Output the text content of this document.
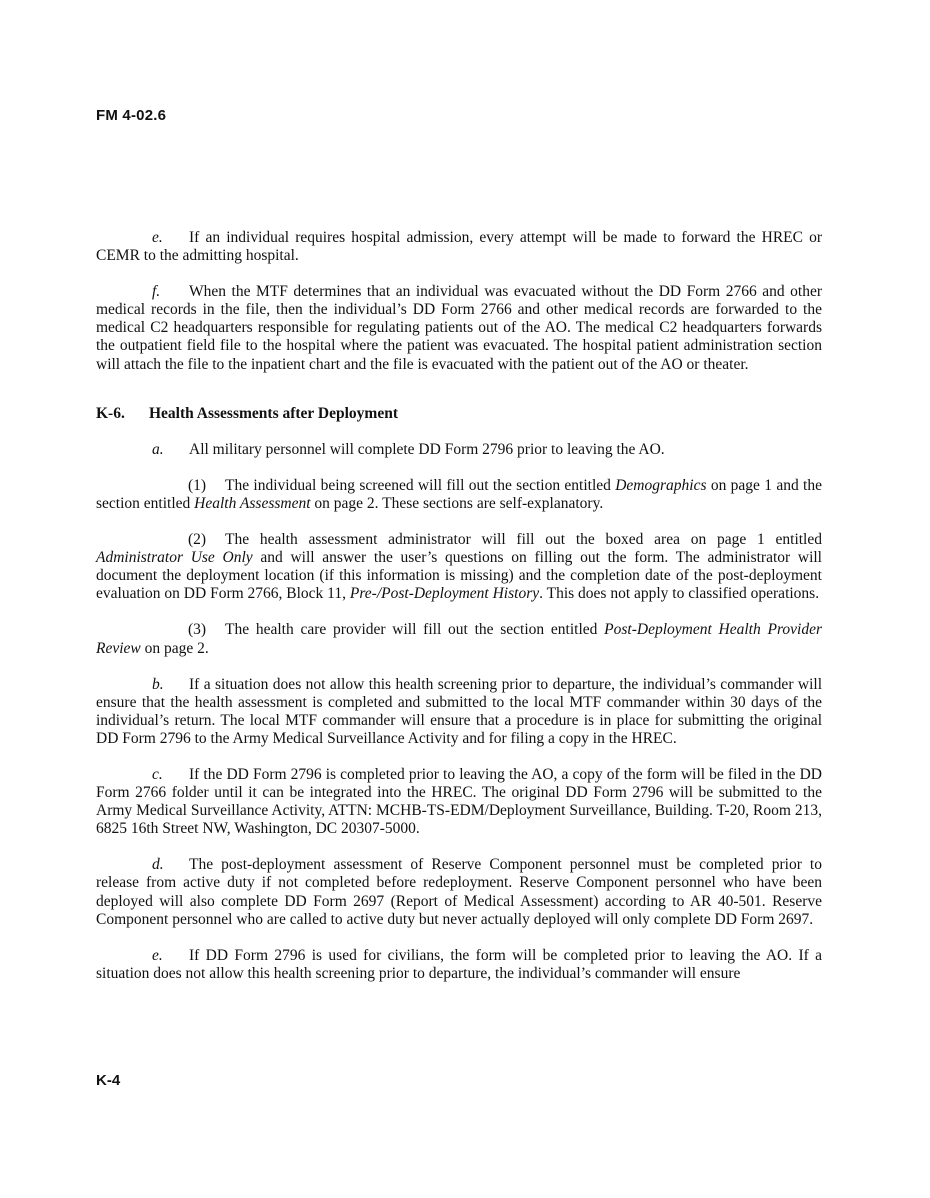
FM 4-02.6

e. If an individual requires hospital admission, every attempt will be made to forward the HREC or CEMR to the admitting hospital.

f. When the MTF determines that an individual was evacuated without the DD Form 2766 and other medical records in the file, then the individual’s DD Form 2766 and other medical records are forwarded to the medical C2 headquarters responsible for regulating patients out of the AO. The medical C2 headquarters forwards the outpatient field file to the hospital where the patient was evacuated. The hospital patient administration section will attach the file to the inpatient chart and the file is evacuated with the patient out of the AO or theater.

K-6. Health Assessments after Deployment

a. All military personnel will complete DD Form 2796 prior to leaving the AO.

(1) The individual being screened will fill out the section entitled Demographics on page 1 and the section entitled Health Assessment on page 2. These sections are self-explanatory.

(2) The health assessment administrator will fill out the boxed area on page 1 entitled Administrator Use Only and will answer the user’s questions on filling out the form. The administrator will document the deployment location (if this information is missing) and the completion date of the post-deployment evaluation on DD Form 2766, Block 11, Pre-/Post-Deployment History. This does not apply to classified operations.

(3) The health care provider will fill out the section entitled Post-Deployment Health Provider Review on page 2.

b. If a situation does not allow this health screening prior to departure, the individual’s commander will ensure that the health assessment is completed and submitted to the local MTF commander within 30 days of the individual’s return. The local MTF commander will ensure that a procedure is in place for submitting the original DD Form 2796 to the Army Medical Surveillance Activity and for filing a copy in the HREC.

c. If the DD Form 2796 is completed prior to leaving the AO, a copy of the form will be filed in the DD Form 2766 folder until it can be integrated into the HREC. The original DD Form 2796 will be submitted to the Army Medical Surveillance Activity, ATTN: MCHB-TS-EDM/Deployment Surveillance, Building. T-20, Room 213, 6825 16th Street NW, Washington, DC 20307-5000.

d. The post-deployment assessment of Reserve Component personnel must be completed prior to release from active duty if not completed before redeployment. Reserve Component personnel who have been deployed will also complete DD Form 2697 (Report of Medical Assessment) according to AR 40-501. Reserve Component personnel who are called to active duty but never actually deployed will only complete DD Form 2697.

e. If DD Form 2796 is used for civilians, the form will be completed prior to leaving the AO. If a situation does not allow this health screening prior to departure, the individual’s commander will ensure

K-4
